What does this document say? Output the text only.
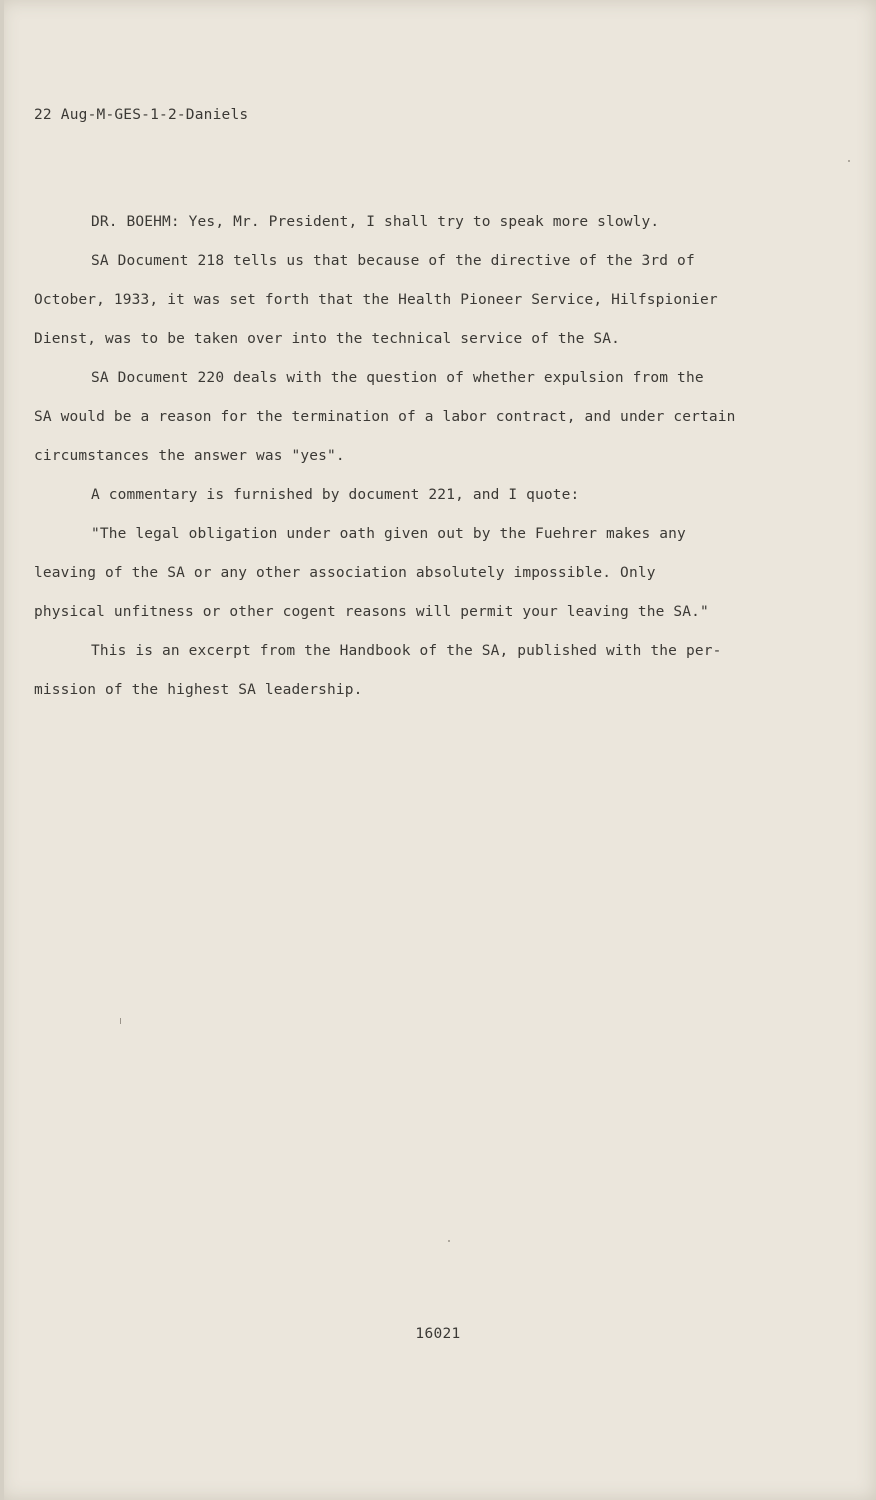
22 Aug-M-GES-1-2-Daniels
DR. BOEHM: Yes, Mr. President, I shall try to speak more slowly.
SA Document 218 tells us that because of the directive of the 3rd of
October, 1933, it was set forth that the Health Pioneer Service, Hilfspionier
Dienst, was to be taken over into the technical service of the SA.
SA Document 220 deals with the question of whether expulsion from the
SA would be a reason for the termination of a labor contract, and under certain
circumstances the answer was "yes".
A commentary is furnished by document 221, and I quote:
"The legal obligation under oath given out by the Fuehrer makes any
leaving of the SA or any other association absolutely impossible. Only
physical unfitness or other cogent reasons will permit your leaving the SA."
This is an excerpt from the Handbook of the SA, published with the per-
mission of the highest SA leadership.
16021
